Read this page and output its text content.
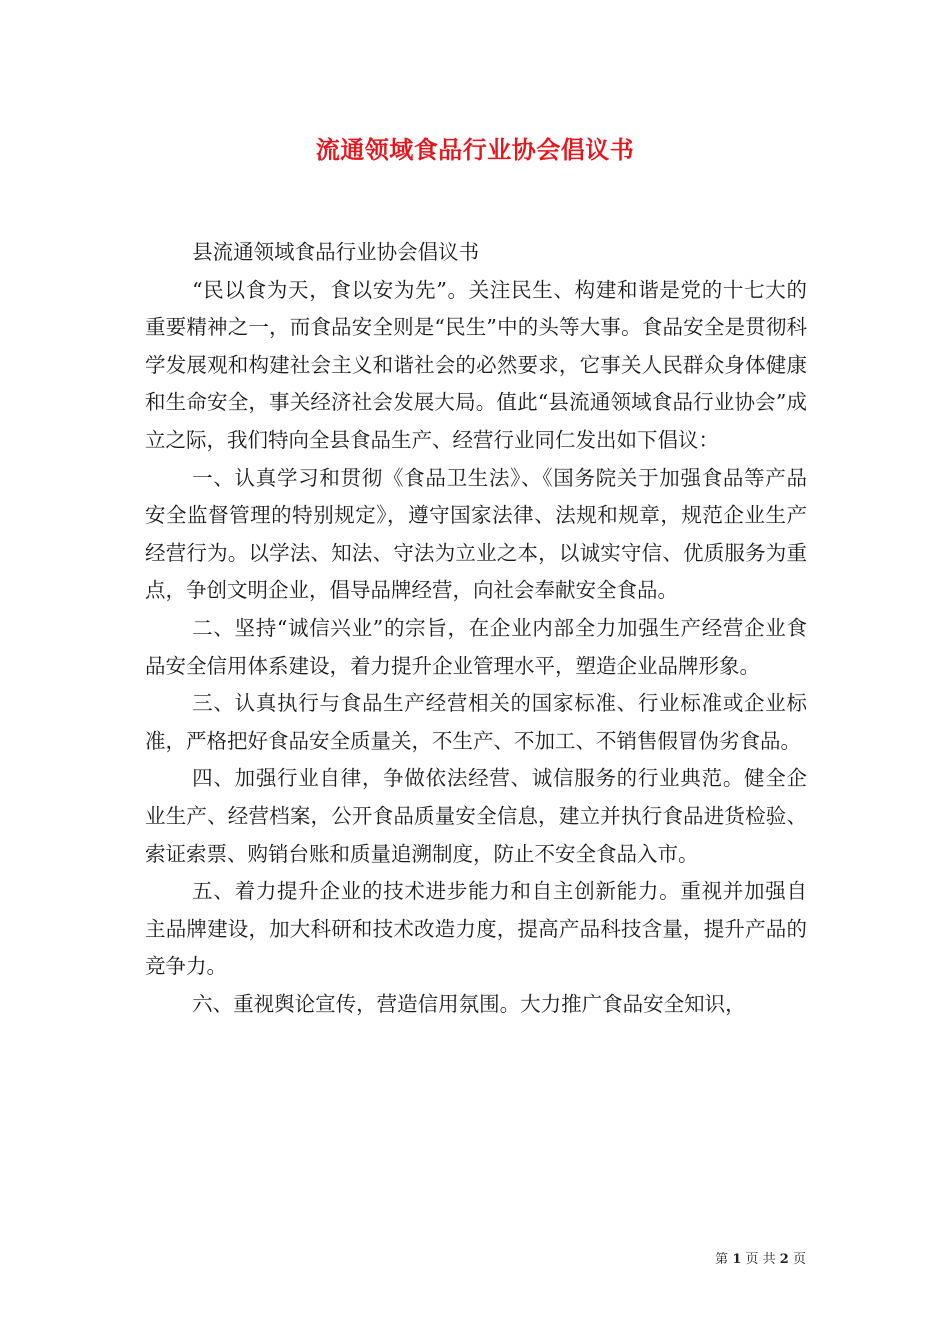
流通领域食品行业协会倡议书

县流通领域食品行业协会倡议书

“民以食为天，食以安为先”。关注民生、构建和谐是党的十七大的重要精神之一，而食品安全则是“民生”中的头等大事。食品安全是贯彻科学发展观和构建社会主义和谐社会的必然要求，它事关人民群众身体健康和生命安全，事关经济社会发展大局。值此“县流通领域食品行业协会”成立之际，我们特向全县食品生产、经营行业同仁发出如下倡议：

一、认真学习和贯彻《食品卫生法》、《国务院关于加强食品等产品安全监督管理的特别规定》，遵守国家法律、法规和规章，规范企业生产经营行为。以学法、知法、守法为立业之本，以诚实守信、优质服务为重点，争创文明企业，倡导品牌经营，向社会奉献安全食品。

二、坚持“诚信兴业”的宗旨，在企业内部全力加强生产经营企业食品安全信用体系建设，着力提升企业管理水平，塑造企业品牌形象。

三、认真执行与食品生产经营相关的国家标准、行业标准或企业标准，严格把好食品安全质量关，不生产、不加工、不销售假冒伪劣食品。

四、加强行业自律，争做依法经营、诚信服务的行业典范。健全企业生产、经营档案，公开食品质量安全信息，建立并执行食品进货检验、索证索票、购销台账和质量追溯制度，防止不安全食品入市。

五、着力提升企业的技术进步能力和自主创新能力。重视并加强自主品牌建设，加大科研和技术改造力度，提高产品科技含量，提升产品的竞争力。

六、重视舆论宣传，营造信用氛围。大力推广食品安全知识，

第 1 页 共 2 页
